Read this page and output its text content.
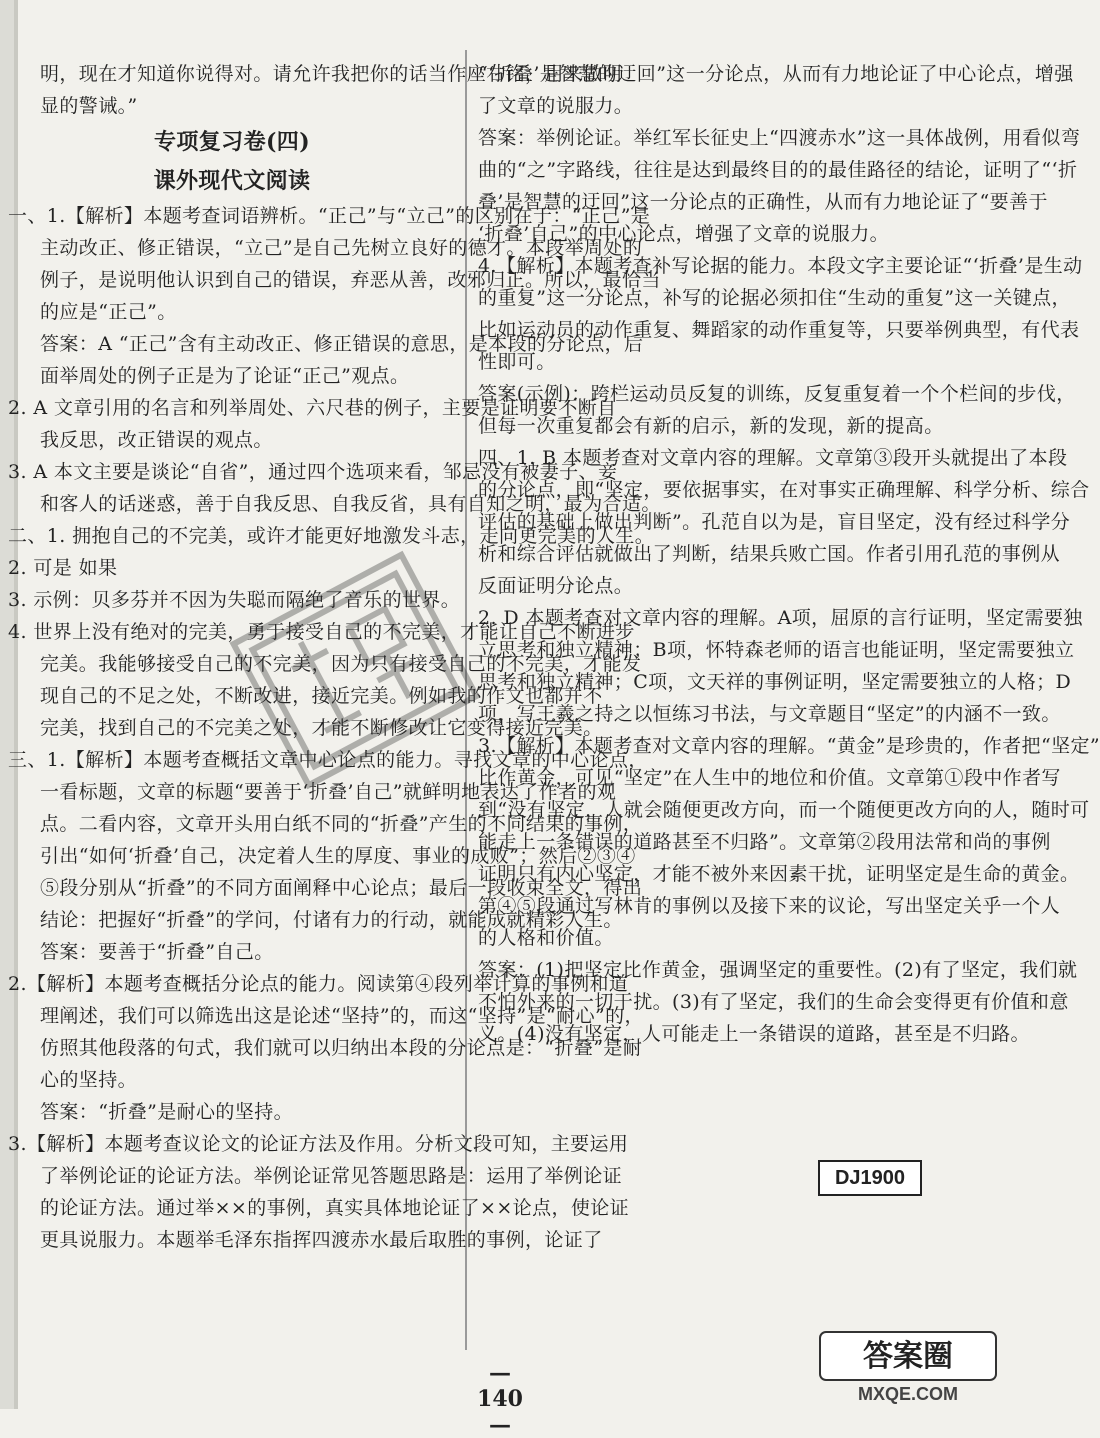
明，现在才知道你说得对。请允许我把你的话当作座右铭，用来做明
显的警诫。”
专项复习卷(四)
课外现代文阅读
一、1.【解析】本题考查词语辨析。“正己”与“立己”的区别在于：“正己”是
主动改正、修正错误，“立己”是自己先树立良好的德才。本段举周处的
例子，是说明他认识到自己的错误，弃恶从善，改邪归正。所以，最恰当
的应是“正己”。
答案：A “正己”含有主动改正、修正错误的意思，是本段的分论点，后
面举周处的例子正是为了论证“正己”观点。
2. A 文章引用的名言和列举周处、六尺巷的例子，主要是证明要不断自
我反思，改正错误的观点。
3. A 本文主要是谈论“自省”，通过四个选项来看，邹忌没有被妻子、妾
和客人的话迷惑，善于自我反思、自我反省，具有自知之明，最为合适。
二、1. 拥抱自己的不完美，或许才能更好地激发斗志，走向更完美的人生。
2. 可是 如果
3. 示例：贝多芬并不因为失聪而隔绝了音乐的世界。
4. 世界上没有绝对的完美，勇于接受自己的不完美，才能让自己不断进步
完美。我能够接受自己的不完美，因为只有接受自己的不完美，才能发
现自己的不足之处，不断改进，接近完美。例如我的作文也都并不
完美，找到自己的不完美之处，才能不断修改让它变得接近完美。
三、1.【解析】本题考查概括文章中心论点的能力。寻找文章的中心论点，
一看标题，文章的标题“要善于‘折叠’自己”就鲜明地表达了作者的观
点。二看内容，文章开头用白纸不同的“折叠”产生的不同结果的事例，
引出“如何‘折叠’自己，决定着人生的厚度、事业的成败”；然后②③④
⑤段分别从“折叠”的不同方面阐释中心论点；最后一段收束全文，得出
结论：把握好“折叠”的学问，付诸有力的行动，就能成就精彩人生。
答案：要善于“折叠”自己。
2.【解析】本题考查概括分论点的能力。阅读第④段列举计算的事例和道
理阐述，我们可以筛选出这是论述“坚持”的，而这“坚持”是“耐心”的，
仿照其他段落的句式，我们就可以归纳出本段的分论点是：“折叠”是耐
心的坚持。
答案：“折叠”是耐心的坚持。
3.【解析】本题考查议论文的论证方法及作用。分析文段可知，主要运用
了举例论证的论证方法。举例论证常见答题思路是：运用了举例论证
的论证方法。通过举××的事例，真实具体地论证了××论点，使论证
更具说服力。本题举毛泽东指挥四渡赤水最后取胜的事例，论证了
“‘折叠’是智慧的迂回”这一分论点，从而有力地论证了中心论点，增强
了文章的说服力。
答案：举例论证。举红军长征史上“四渡赤水”这一具体战例，用看似弯
曲的“之”字路线，往往是达到最终目的的最佳路径的结论，证明了“‘折
叠’是智慧的迂回”这一分论点的正确性，从而有力地论证了“要善于
‘折叠’自己”的中心论点，增强了文章的说服力。
4.【解析】本题考查补写论据的能力。本段文字主要论证“‘折叠’是生动
的重复”这一分论点，补写的论据必须扣住“生动的重复”这一关键点，
比如运动员的动作重复、舞蹈家的动作重复等，只要举例典型，有代表
性即可。
答案(示例)：跨栏运动员反复的训练，反复重复着一个个栏间的步伐，
但每一次重复都会有新的启示，新的发现，新的提高。
四、1. B 本题考查对文章内容的理解。文章第③段开头就提出了本段
的分论点，即“坚定，要依据事实，在对事实正确理解、科学分析、综合
评估的基础上做出判断”。孔范自以为是，盲目坚定，没有经过科学分
析和综合评估就做出了判断，结果兵败亡国。作者引用孔范的事例从
反面证明分论点。
2. D 本题考查对文章内容的理解。A项，屈原的言行证明，坚定需要独
立思考和独立精神；B项，怀特森老师的语言也能证明，坚定需要独立
思考和独立精神；C项，文天祥的事例证明，坚定需要独立的人格；D
项，写王羲之持之以恒练习书法，与文章题目“坚定”的内涵不一致。
3.【解析】本题考查对文章内容的理解。“黄金”是珍贵的，作者把“坚定”
比作黄金，可见“坚定”在人生中的地位和价值。文章第①段中作者写
到“没有坚定，人就会随便更改方向，而一个随便更改方向的人，随时可
能走上一条错误的道路甚至不归路”。文章第②段用法常和尚的事例
证明只有内心坚定，才能不被外来因素干扰，证明坚定是生命的黄金。
第④⑤段通过写林肯的事例以及接下来的议论，写出坚定关乎一个人
的人格和价值。
答案：(1)把坚定比作黄金，强调坚定的重要性。(2)有了坚定，我们就
不怕外来的一切干扰。(3)有了坚定，我们的生命会变得更有价值和意
义。(4)没有坚定，人可能走上一条错误的道路，甚至是不归路。
DJ1900
—140—
答案圈
MXQE.COM
